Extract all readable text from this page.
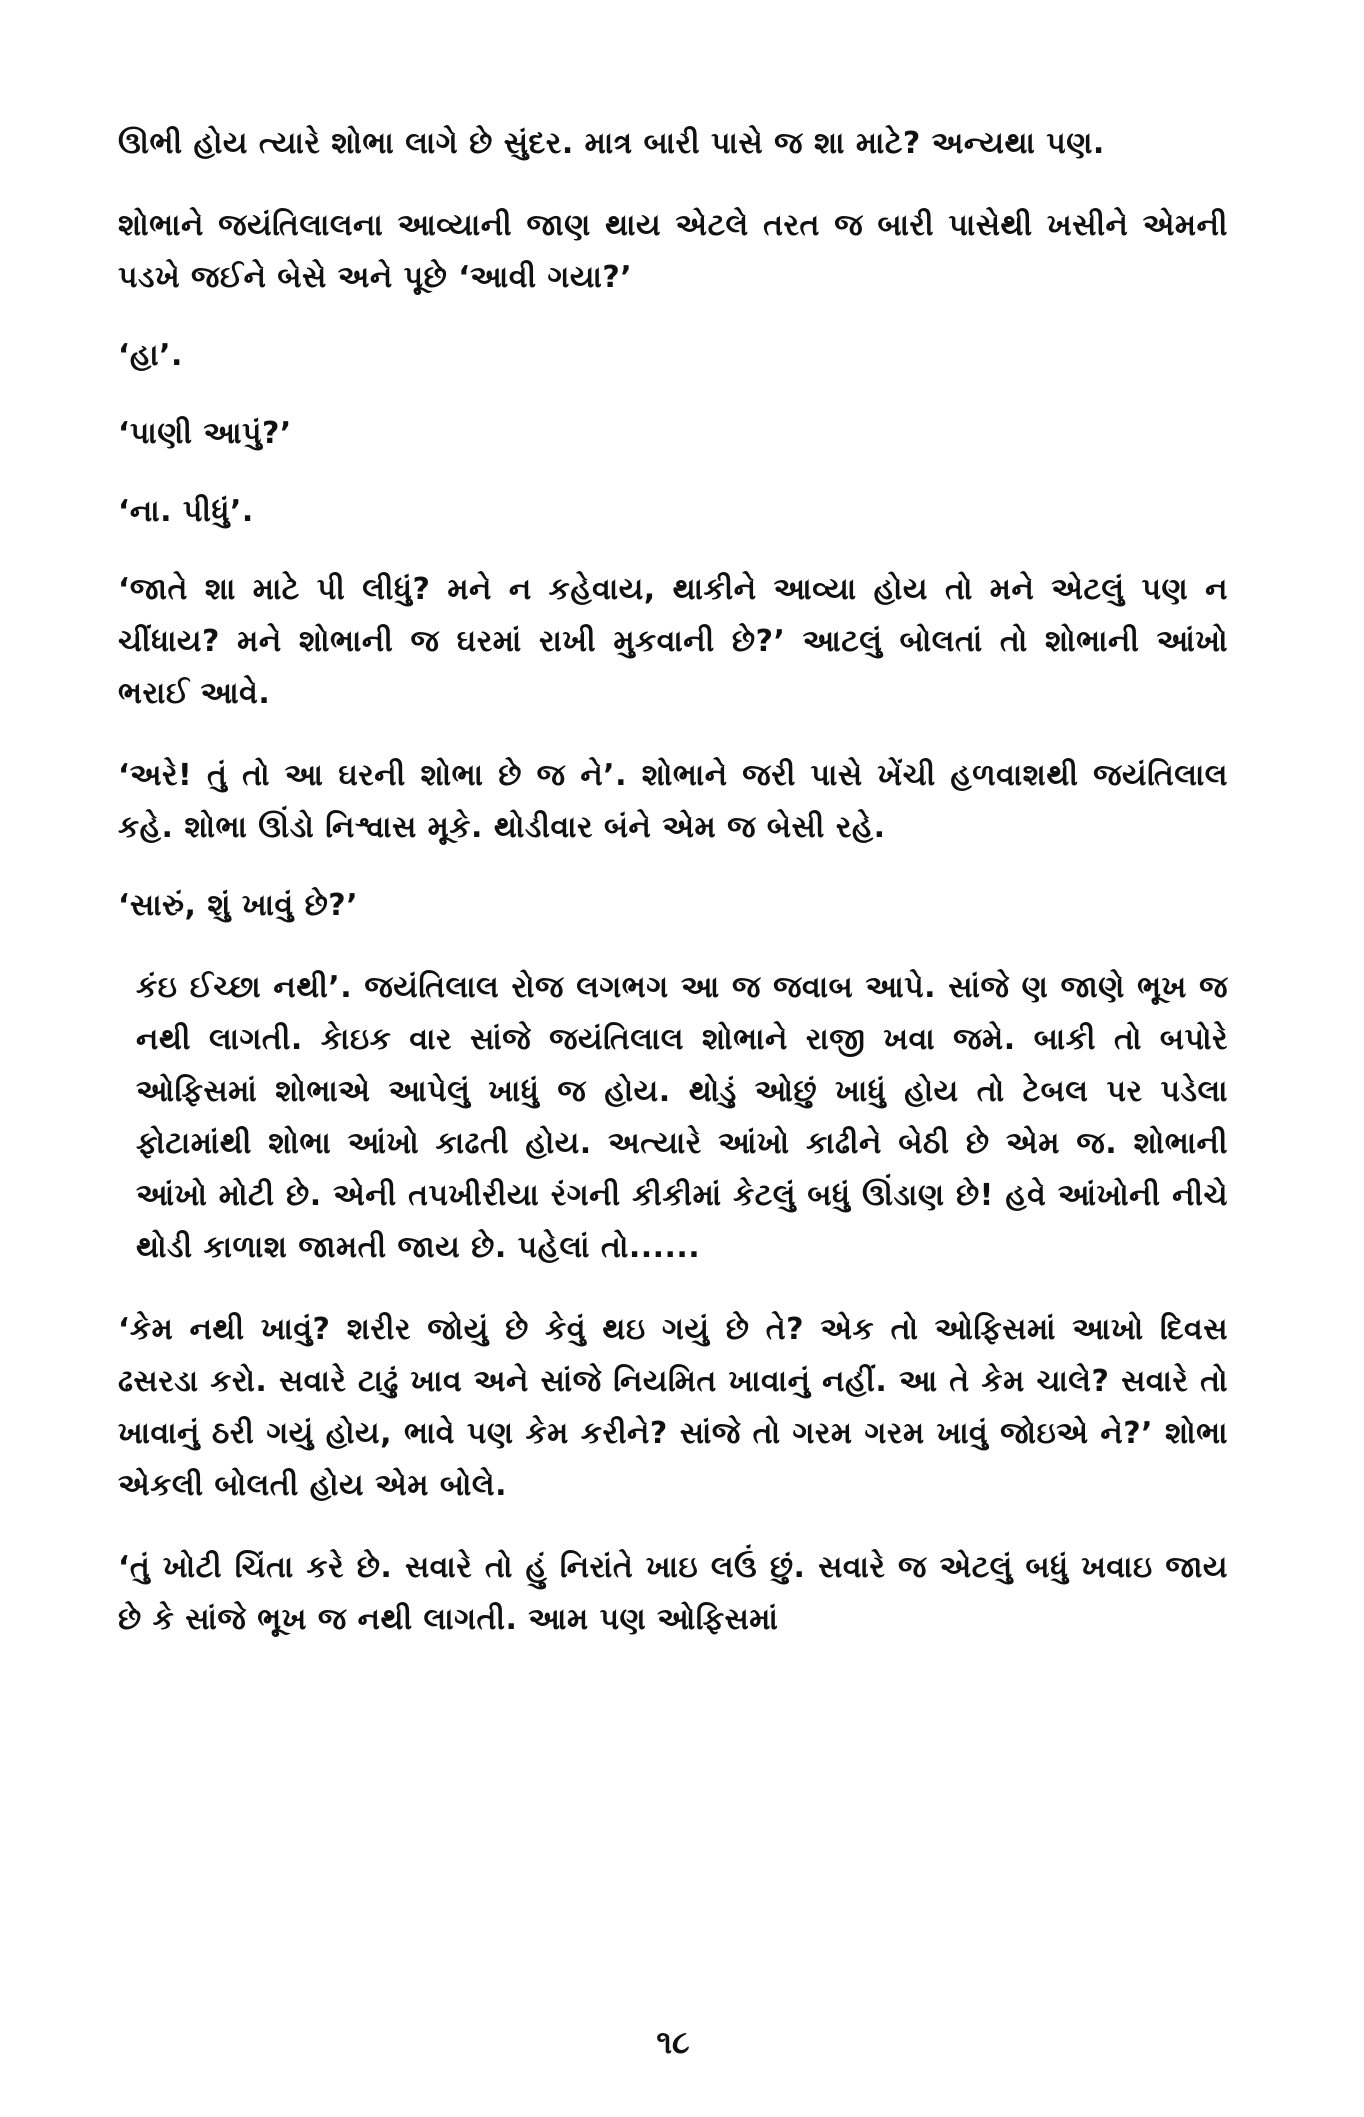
ઊભી હોય ત્યારે શોભા લાગે છે સુંદર. માત્ર બારી પાસે જ શા માટે? અન્યથા પણ.

શોભાને જયંતિલાલના આવ્યાની જાણ થાય એટલે તરત જ બારી પાસેથી ખસીને એમની પડખે જઈને બેસે અને પૂછે ‘આવી ગયા?’

‘હા’.

‘પાણી આપું?’

‘ના. પીધું’.

‘જાતે શા માટે પી લીધું? મને ન કહેવાય, થાકીને આવ્યા હોય તો મને એટલું પણ ન ચીંધાય? મને શોભાની જ ઘરમાં રાખી મુકવાની છે?’ આટલું બોલતાં તો શોભાની આંખો ભરાઈ આવે.

‘અરે! તું તો આ ઘરની શોભા છે જ ને’. શોભાને જરી પાસે ખેંચી હળવાશથી જયંતિલાલ કહે. શોભા ઊંડો નિશ્વાસ મૂકે. થોડીવાર બંને એમ જ બેસી રહે.

‘સારું, શું ખાવું છે?’

કંઇ ઈચ્છા નથી’. જયંતિલાલ રોજ લગભગ આ જ જવાબ આપે. સાંજે ણ જાણે ભૂખ જ નથી લાગતી. કેાઇક વાર સાંજે જયંતિલાલ શોભાને રાજી ખવા જમે. બાકી તો બપોરે ઓફિસમાં શોભાએ આપેલું ખાધું જ હોય. થોડું ઓછું ખાધું હોય તો ટેબલ પર પડેલા ફોટામાંથી શોભા આંખો કાઢતી હોય. અત્યારે આંખો કાઢીને બેઠી છે એમ જ. શોભાની આંખો મોટી છે. એની તપખીરીયા રંગની કીકીમાં કેટલું બધું ઊંડાણ છે! હવે આંખોની નીચે થોડી કાળાશ જામતી જાય છે. પહેલાં તો......

‘કેમ નથી ખાવું? શરીર જોયું છે કેવું થઇ ગયું છે તે? એક તો ઓફિસમાં આખો દિવસ ઢસરડા કરો. સવારે ટાઢું ખાવ અને સાંજે નિયમિત ખાવાનું નહીં. આ તે કેમ ચાલે? સવારે તો ખાવાનું ઠરી ગયું હોય, ભાવે પણ કેમ કરીને? સાંજે તો ગરમ ગરમ ખાવું જોઇએ ને?’ શોભા એકલી બોલતી હોય એમ બોલે.

‘તું ખોટી ચિંતા કરે છે. સવારે તો હું નિરાંતે ખાઇ લઉં છું. સવારે જ એટલું બધું ખવાઇ જાય છે કે સાંજે ભૂખ જ નથી લાગતી. આમ પણ ઓફિસમાં

૧૮
